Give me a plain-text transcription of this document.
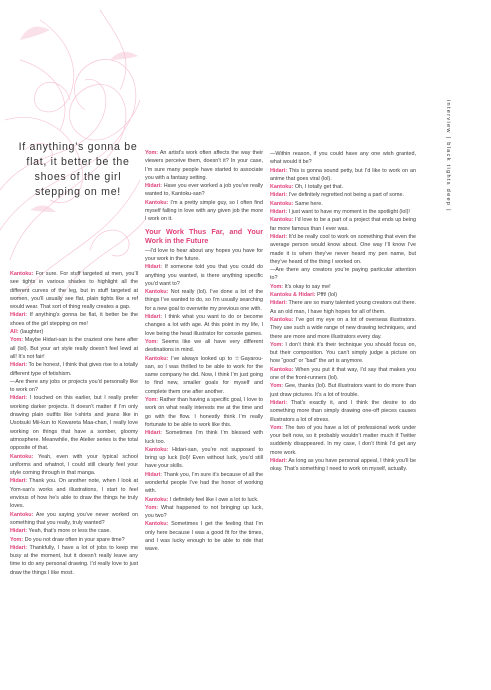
If anything’s gonna be flat, it better be the shoes of the girl stepping on me!
Kantoku: For sure. For stuff targeted at men, you’ll see tights in various shades to highlight all the different curves of the leg, but in stuff targeted at women, you’ll usually see flat, plain tights like a ref would wear. That sort of thing really creates a gap.
Hidari: If anything’s gonna be flat, it better be the shoes of the girl stepping on me!
All: (laughter)
Yom: Maybe Hidari-san is the craziest one here after all (lol). But your art style really doesn’t feel lewd at all! It’s not fair!
Hidari: To be honest, I think that gives rise to a totally different type of fetishism.
—Are there any jobs or projects you’d personally like to work on?
Hidari: I touched on this earlier, but I really prefer working darker projects. It doesn’t matter if I’m only drawing plain outfits like t-shirts and jeans like in Usotsuki Mii-kun to Kowareta Maa-chan, I really love working on things that have a somber, gloomy atmosphere. Meanwhile, the Atelier series is the total opposite of that.
Kantoku: Yeah, even with your typical school uniforms and whatnot, I could still clearly feel your style coming through in that manga.
Hidari: Thank you. On another note, when I look at Yom-san’s works and illustrations, I start to feel envious of how he’s able to draw the things he truly loves.
Kantoku: Are you saying you’ve never worked on something that you really, truly wanted?
Hidari: Yeah, that’s more or less the case.
Yom: Do you not draw often in your spare time?
Hidari: Thankfully, I have a lot of jobs to keep me busy at the moment, but it doesn’t really leave any time to do any personal drawing. I’d really love to just draw the things I like most.
Yom: An artist’s work often affects the way their viewers perceive them, doesn’t it? In your case, I’m sure many people have started to associate you with a fantasy setting.
Hidari: Have you ever worked a job you’ve really wanted to, Kantoku-san?
Kantoku: I’m a pretty simple guy, so I often find myself falling in love with any given job the more I work on it.
Your Work Thus Far, and Your Work in the Future
—I’d love to hear about any hopes you have for your work in the future.
Hidari: If someone told you that you could do anything you wanted, is there anything specific you’d want to?
Kantoku: Not really (lol). I’ve done a lot of the things I’ve wanted to do, so I’m usually searching for a new goal to overwrite my previous one with.
Hidari: I think what you want to do or become changes a lot with age. At this point in my life, I love being the head illustrator for console games.
Yom: Seems like we all have very different destinations in mind.
Kantoku: I’ve always looked up to ☆Gayarou-san, so I was thrilled to be able to work for the same company he did. Now, I think I’m just going to find new, smaller goals for myself and complete them one after another.
Yom: Rather than having a specific goal, I love to work on what really interests me at the time and go with the flow. I honestly think I’m really fortunate to be able to work like this.
Hidari: Sometimes I’m think I’m blessed with luck too.
Kantoku: Hidari-san, you’re not supposed to bring up luck (lol)! Even without luck, you’d still have your skills.
Hidari: Thank you, I’m sure it’s because of all the wonderful people I’ve had the honor of working with.
Kantoku: I definitely feel like I owe a lot to luck.
Yom: What happened to not bringing up luck, you two?
Kantoku: Sometimes I get the feeling that I’m only here because I was a good fit for the times, and I was lucky enough to be able to ride that wave.
—Within reason, if you could have any one wish granted, what would it be?
Hidari: This is gonna sound petty, but I’d like to work on an anime that goes viral (lol).
Kantoku: Oh, I totally get that.
Hidari: I’ve definitely regretted not being a part of some.
Kantoku: Same here.
Hidari: I just want to have my moment in the spotlight (lol)!
Kantoku: I’d love to be a part of a project that ends up being far more famous than I ever was.
Hidari: It’d be really cool to work on something that even the average person would know about. One way I’ll know I’ve made it is when they’ve never heard my pen name, but they’ve heard of the thing I worked on.
—Are there any creators you’re paying particular attention to?
Yom: It’s okay to say me!
Kantoku & Hidari: Pfft! (lol)
Hidari: There are so many talented young creators out there. As an old man, I have high hopes for all of them.
Kantoku: I’ve got my eye on a lot of overseas illustrators. They use such a wide range of new drawing techniques, and there are more and more illustrators every day.
Yom: I don’t think it’s their technique you should focus on, but their composition. You can’t simply judge a picture on how “good” or “bad” the art is anymore.
Kantoku: When you put it that way, I’d say that makes you one of the front-runners (lol).
Yom: Gee, thanks (lol). But illustrators want to do more than just draw pictures. It’s a lot of trouble.
Hidari: That’s exactly it, and I think the desire to do something more than simply drawing one-off pieces causes illustrators a lot of stress.
Yom: The two of you have a lot of professional work under your belt now, so it probably wouldn’t matter much if Twitter suddenly disappeared. In my case, I don’t think I’d get any more work.
Hidari: As long as you have personal appeal, I think you’ll be okay. That’s something I need to work on myself, actually.
interview | black tights deep |
